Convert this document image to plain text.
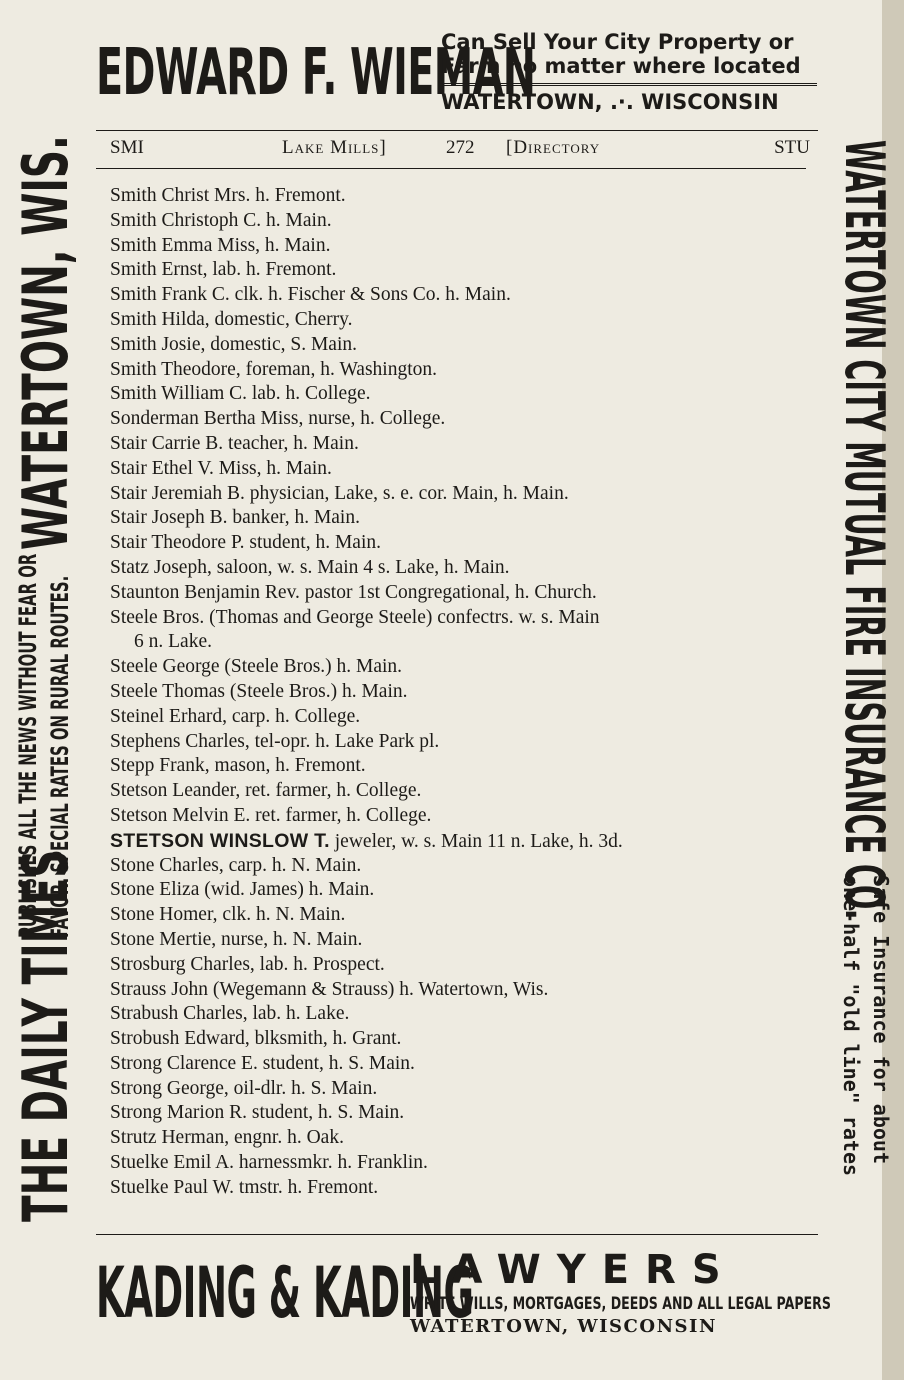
EDWARD F. WIEMAN
Can Sell Your City Property or
Farm no matter where located
WATERTOWN, .·. WISCONSIN
SMI	Lake Mills]	272 [Directory	STU
Smith Christ Mrs. h. Fremont.
Smith Christoph C. h. Main.
Smith Emma Miss, h. Main.
Smith Ernst, lab. h. Fremont.
Smith Frank C. clk. h. Fischer & Sons Co. h. Main.
Smith Hilda, domestic, Cherry.
Smith Josie, domestic, S. Main.
Smith Theodore, foreman, h. Washington.
Smith William C. lab. h. College.
Sonderman Bertha Miss, nurse, h. College.
Stair Carrie B. teacher, h. Main.
Stair Ethel V. Miss, h. Main.
Stair Jeremiah B. physician, Lake, s. e. cor. Main, h. Main.
Stair Joseph B. banker, h. Main.
Stair Theodore P. student, h. Main.
Statz Joseph, saloon, w. s. Main 4 s. Lake, h. Main.
Staunton Benjamin Rev. pastor 1st Congregational, h. Church.
Steele Bros. (Thomas and George Steele) confectrs. w. s. Main
6 n. Lake.
Steele George (Steele Bros.) h. Main.
Steele Thomas (Steele Bros.) h. Main.
Steinel Erhard, carp. h. College.
Stephens Charles, tel-opr. h. Lake Park pl.
Stepp Frank, mason, h. Fremont.
Stetson Leander, ret. farmer, h. College.
Stetson Melvin E. ret. farmer, h. College.
STETSON WINSLOW T. jeweler, w. s. Main 11 n. Lake, h. 3d.
Stone Charles, carp. h. N. Main.
Stone Eliza (wid. James) h. Main.
Stone Homer, clk. h. N. Main.
Stone Mertie, nurse, h. N. Main.
Strosburg Charles, lab. h. Prospect.
Strauss John (Wegemann & Strauss) h. Watertown, Wis.
Strabush Charles, lab. h. Lake.
Strobush Edward, blksmith, h. Grant.
Strong Clarence E. student, h. S. Main.
Strong George, oil-dlr. h. S. Main.
Strong Marion R. student, h. S. Main.
Strutz Herman, engnr. h. Oak.
Stuelke Emil A. harnessmkr. h. Franklin.
Stuelke Paul W. tmstr. h. Fremont.
THE DAILY TIMES
PUBLISHES ALL THE NEWS WITHOUT FEAR OR FAVOR. SPECIAL RATES ON RURAL ROUTES.
WATERTOWN, WIS.	WATERTOWN CITY MUTUAL FIRE INSURANCE CO.
Safe Insurance for about
one-half "old line" rates
KADING & KADING
LAWYERS
WRITE WILLS, MORTGAGES, DEEDS AND ALL LEGAL PAPERS
WATERTOWN, WISCONSIN
